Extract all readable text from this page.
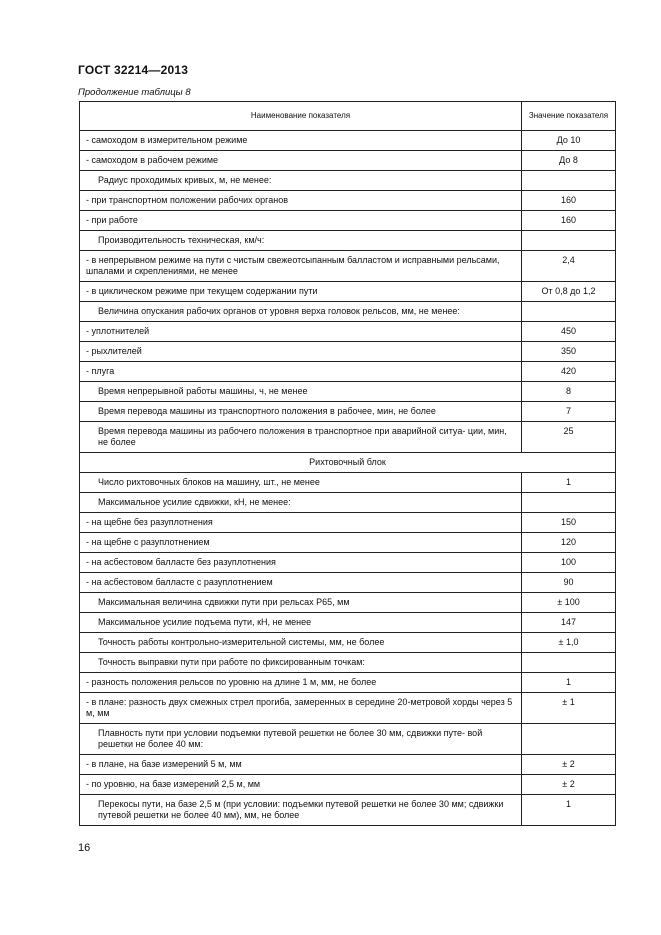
ГОСТ 32214—2013
Продолжение таблицы 8
Наименование показателя	Значение показателя
- самоходом в измерительном режиме	До 10
- самоходом в рабочем режиме	До 8
Радиус проходимых кривых, м, не менее:	
- при транспортном положении рабочих органов	160
- при работе	160
Производительность техническая, км/ч:	
- в непрерывном режиме на пути с чистым свежеотсыпанным балластом и исправными рельсами, шпалами и скреплениями, не менее	2,4
- в циклическом режиме при текущем содержании пути	От 0,8 до 1,2
Величина опускания рабочих органов от уровня верха головок рельсов, мм, не менее:	
- уплотнителей	450
- рыхлителей	350
- плуга	420
Время непрерывной работы машины, ч, не менее	8
Время перевода машины из транспортного положения в рабочее, мин, не более	7
Время перевода машины из рабочего положения в транспортное при аварийной ситуа- ции, мин, не более	25
Рихтовочный блок	
Число рихтовочных блоков на машину, шт., не менее	1
Максимальное усилие сдвижки, кН, не менее:	
- на щебне без разуплотнения	150
- на щебне с разуплотнением	120
- на асбестовом балласте без разуплотнения	100
- на асбестовом балласте с разуплотнением	90
Максимальная величина сдвижки пути при рельсах Р65, мм	± 100
Максимальное усилие подъема пути, кН, не менее	147
Точность работы контрольно-измерительной системы, мм, не более	± 1,0
Точность выправки пути при работе по фиксированным точкам:	
- разность положения рельсов по уровню на длине 1 м, мм, не более	1
- в плане: разность двух смежных стрел прогиба, замеренных в середине 20-метровой хорды через 5 м, мм	± 1
Плавность пути при условии подъемки путевой решетки не более 30 мм, сдвижки путе- вой решетки не более 40 мм:	
- в плане, на базе измерений 5 м, мм	± 2
- по уровню, на базе измерений 2,5 м, мм	± 2
Перекосы пути, на базе 2,5 м (при условии: подъемки путевой решетки не более 30 мм; сдвижки путевой решетки не более 40 мм), мм, не более	1
16
